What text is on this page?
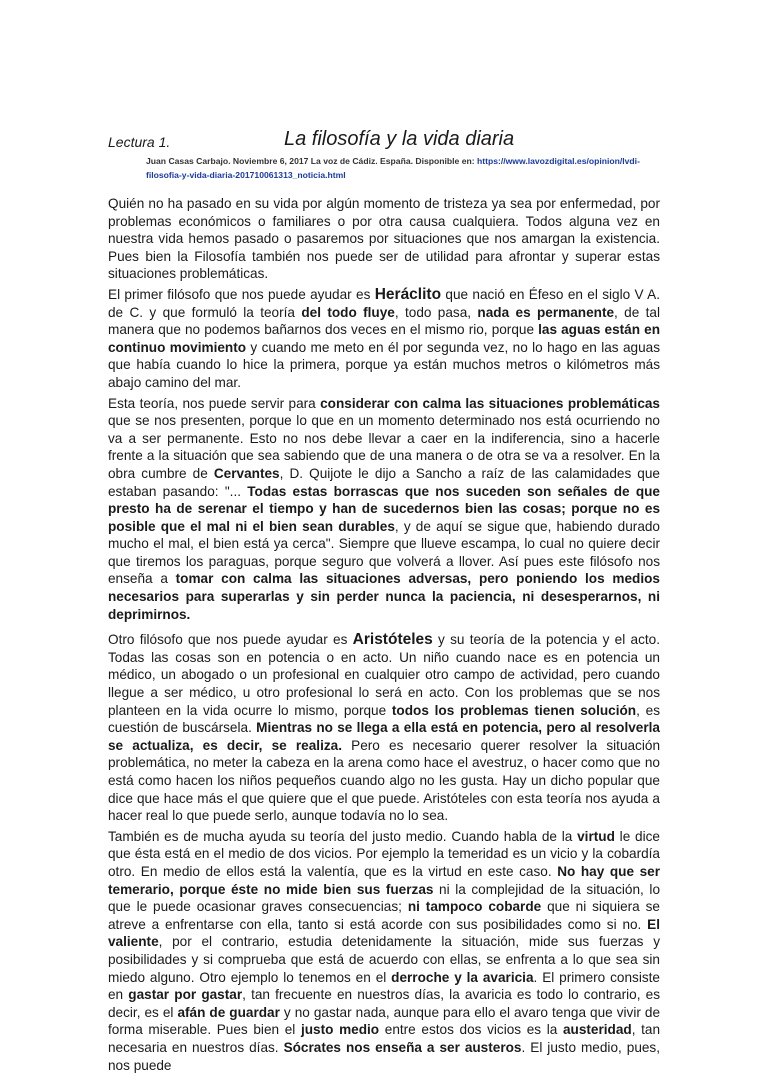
Lectura 1.	La filosofía y la vida diaria
Juan Casas Carbajo. Noviembre 6, 2017 La voz de Cádiz. España. Disponible en: https://www.lavozdigital.es/opinion/lvdi-filosofia-y-vida-diaria-201710061313_noticia.html

Quién no ha pasado en su vida por algún momento de tristeza ya sea por enfermedad, por problemas económicos o familiares o por otra causa cualquiera. Todos alguna vez en nuestra vida hemos pasado o pasaremos por situaciones que nos amargan la existencia. Pues bien la Filosofía también nos puede ser de utilidad para afrontar y superar estas situaciones problemáticas.

El primer filósofo que nos puede ayudar es Heráclito que nació en Éfeso en el siglo V A. de C. y que formuló la teoría del todo fluye, todo pasa, nada es permanente, de tal manera que no podemos bañarnos dos veces en el mismo rio, porque las aguas están en continuo movimiento y cuando me meto en él por segunda vez, no lo hago en las aguas que había cuando lo hice la primera, porque ya están muchos metros o kilómetros más abajo camino del mar.

Esta teoría, nos puede servir para considerar con calma las situaciones problemáticas que se nos presenten, porque lo que en un momento determinado nos está ocurriendo no va a ser permanente. Esto no nos debe llevar a caer en la indiferencia, sino a hacerle frente a la situación que sea sabiendo que de una manera o de otra se va a resolver. En la obra cumbre de Cervantes, D. Quijote le dijo a Sancho a raíz de las calamidades que estaban pasando: "... Todas estas borrascas que nos suceden son señales de que presto ha de serenar el tiempo y han de sucedernos bien las cosas; porque no es posible que el mal ni el bien sean durables, y de aquí se sigue que, habiendo durado mucho el mal, el bien está ya cerca". Siempre que llueve escampa, lo cual no quiere decir que tiremos los paraguas, porque seguro que volverá a llover. Así pues este filósofo nos enseña a tomar con calma las situaciones adversas, pero poniendo los medios necesarios para superarlas y sin perder nunca la paciencia, ni desesperarnos, ni deprimirnos.

Otro filósofo que nos puede ayudar es Aristóteles y su teoría de la potencia y el acto. Todas las cosas son en potencia o en acto. Un niño cuando nace es en potencia un médico, un abogado o un profesional en cualquier otro campo de actividad, pero cuando llegue a ser médico, u otro profesional lo será en acto. Con los problemas que se nos planteen en la vida ocurre lo mismo, porque todos los problemas tienen solución, es cuestión de buscársela. Mientras no se llega a ella está en potencia, pero al resolverla se actualiza, es decir, se realiza. Pero es necesario querer resolver la situación problemática, no meter la cabeza en la arena como hace el avestruz, o hacer como que no está como hacen los niños pequeños cuando algo no les gusta. Hay un dicho popular que dice que hace más el que quiere que el que puede. Aristóteles con esta teoría nos ayuda a hacer real lo que puede serlo, aunque todavía no lo sea.

También es de mucha ayuda su teoría del justo medio. Cuando habla de la virtud le dice que ésta está en el medio de dos vicios. Por ejemplo la temeridad es un vicio y la cobardía otro. En medio de ellos está la valentía, que es la virtud en este caso. No hay que ser temerario, porque éste no mide bien sus fuerzas ni la complejidad de la situación, lo que le puede ocasionar graves consecuencias; ni tampoco cobarde que ni siquiera se atreve a enfrentarse con ella, tanto si está acorde con sus posibilidades como si no. El valiente, por el contrario, estudia detenidamente la situación, mide sus fuerzas y posibilidades y si comprueba que está de acuerdo con ellas, se enfrenta a lo que sea sin miedo alguno. Otro ejemplo lo tenemos en el derroche y la avaricia. El primero consiste en gastar por gastar, tan frecuente en nuestros días, la avaricia es todo lo contrario, es decir, es el afán de guardar y no gastar nada, aunque para ello el avaro tenga que vivir de forma miserable. Pues bien el justo medio entre estos dos vicios es la austeridad, tan necesaria en nuestros días. Sócrates nos enseña a ser austeros. El justo medio, pues, nos puede
